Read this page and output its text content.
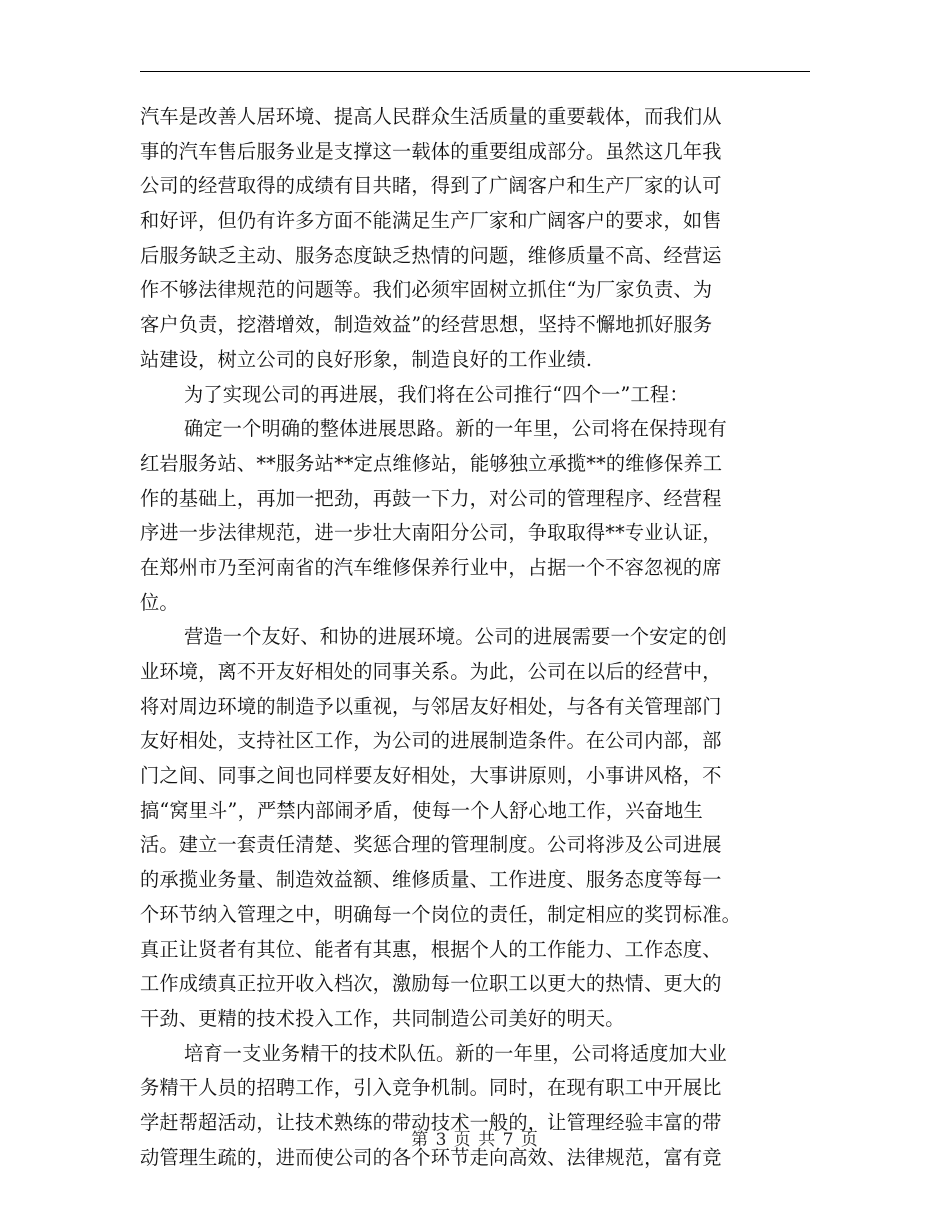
汽车是改善人居环境、提高人民群众生活质量的重要载体，而我们从
事的汽车售后服务业是支撑这一载体的重要组成部分。虽然这几年我
公司的经营取得的成绩有目共睹，得到了广阔客户和生产厂家的认可
和好评，但仍有许多方面不能满足生产厂家和广阔客户的要求，如售
后服务缺乏主动、服务态度缺乏热情的问题，维修质量不高、经营运
作不够法律规范的问题等。我们必须牢固树立抓住“为厂家负责、为
客户负责，挖潜增效，制造效益”的经营思想，坚持不懈地抓好服务
站建设，树立公司的良好形象，制造良好的工作业绩.
为了实现公司的再进展，我们将在公司推行“四个一”工程：
确定一个明确的整体进展思路。新的一年里，公司将在保持现有
红岩服务站、**服务站**定点维修站，能够独立承揽**的维修保养工
作的基础上，再加一把劲，再鼓一下力，对公司的管理程序、经营程
序进一步法律规范，进一步壮大南阳分公司，争取取得**专业认证，
在郑州市乃至河南省的汽车维修保养行业中，占据一个不容忽视的席
位。
营造一个友好、和协的进展环境。公司的进展需要一个安定的创
业环境，离不开友好相处的同事关系。为此，公司在以后的经营中，
将对周边环境的制造予以重视，与邻居友好相处，与各有关管理部门
友好相处，支持社区工作，为公司的进展制造条件。在公司内部，部
门之间、同事之间也同样要友好相处，大事讲原则，小事讲风格，不
搞“窝里斗”，严禁内部闹矛盾，使每一个人舒心地工作，兴奋地生
活。建立一套责任清楚、奖惩合理的管理制度。公司将涉及公司进展
的承揽业务量、制造效益额、维修质量、工作进度、服务态度等每一
个环节纳入管理之中，明确每一个岗位的责任，制定相应的奖罚标准。
真正让贤者有其位、能者有其惠，根据个人的工作能力、工作态度、
工作成绩真正拉开收入档次，激励每一位职工以更大的热情、更大的
干劲、更精的技术投入工作，共同制造公司美好的明天。
培育一支业务精干的技术队伍。新的一年里，公司将适度加大业
务精干人员的招聘工作，引入竞争机制。同时，在现有职工中开展比
学赶帮超活动，让技术熟练的带动技术一般的，让管理经验丰富的带
动管理生疏的，进而使公司的各个环节走向高效、法律规范，富有竞
第 3 页 共 7 页
